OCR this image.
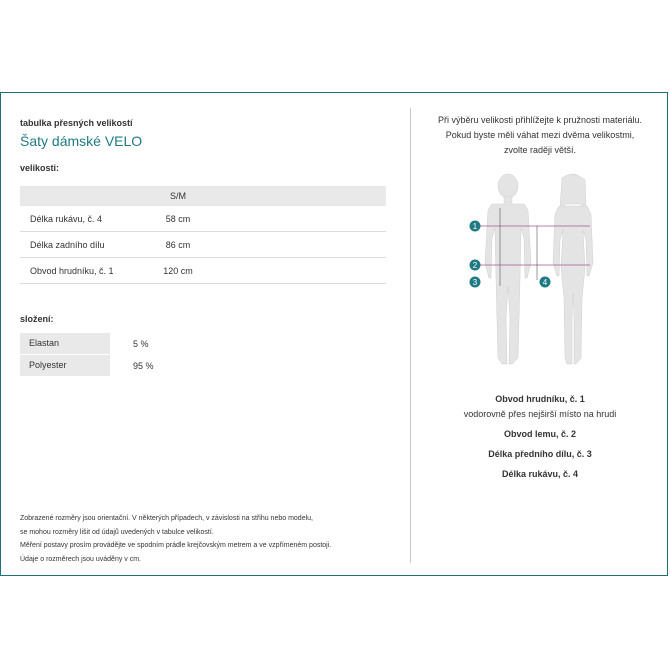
tabulka přesných velikostí
Šaty dámské VELO
velikosti:
	S/M	
Délka rukávu, č. 4	58 cm	
Délka zadního dílu	86 cm	
Obvod hrudníku, č. 1	120 cm	
složení:
Elastan	5 %
Polyester	95 %
Zobrazené rozměry jsou orientační. V některých případech, v závislosti na střihu nebo modelu,
se mohou rozměry lišit od údajů uvedených v tabulce velikostí.
Měření postavy prosím provádějte ve spodním prádle krejčovským metrem a ve vzpřímeném postoji.
Údaje o rozměrech jsou uváděny v cm.
Při výběru velikosti přihlížejte k pružnosti materiálu.
Pokud byste měli váhat mezi dvěma velikostmi,
zvolte raději větší.
1
2
3	4
Obvod hrudníku, č. 1
vodorovně přes nejširší místo na hrudi
Obvod lemu, č. 2
Délka předního dílu, č. 3
Délka rukávu, č. 4
